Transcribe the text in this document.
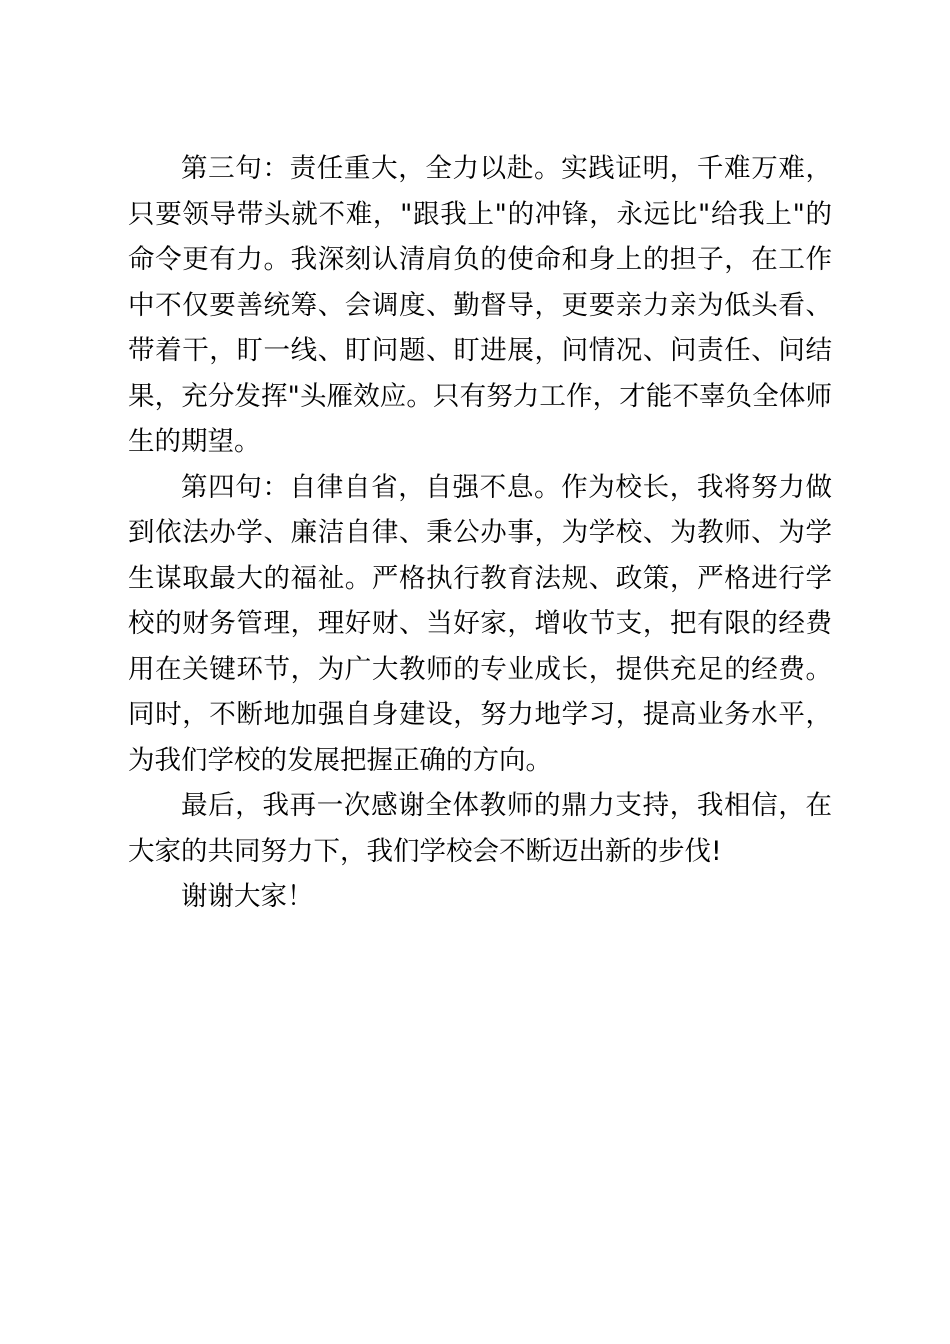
第三句：责任重大，全力以赴。实践证明，千难万难，只要领导带头就不难，"跟我上"的冲锋，永远比"给我上"的命令更有力。我深刻认清肩负的使命和身上的担子，在工作中不仅要善统筹、会调度、勤督导，更要亲力亲为低头看、带着干，盯一线、盯问题、盯进展，问情况、问责任、问结果，充分发挥"头雁效应。只有努力工作，才能不辜负全体师生的期望。

第四句：自律自省，自强不息。作为校长，我将努力做到依法办学、廉洁自律、秉公办事，为学校、为教师、为学生谋取最大的福祉。严格执行教育法规、政策，严格进行学校的财务管理，理好财、当好家，增收节支，把有限的经费用在关键环节，为广大教师的专业成长，提供充足的经费。同时，不断地加强自身建设，努力地学习，提高业务水平，为我们学校的发展把握正确的方向。

最后，我再一次感谢全体教师的鼎力支持，我相信，在大家的共同努力下，我们学校会不断迈出新的步伐!

谢谢大家！
